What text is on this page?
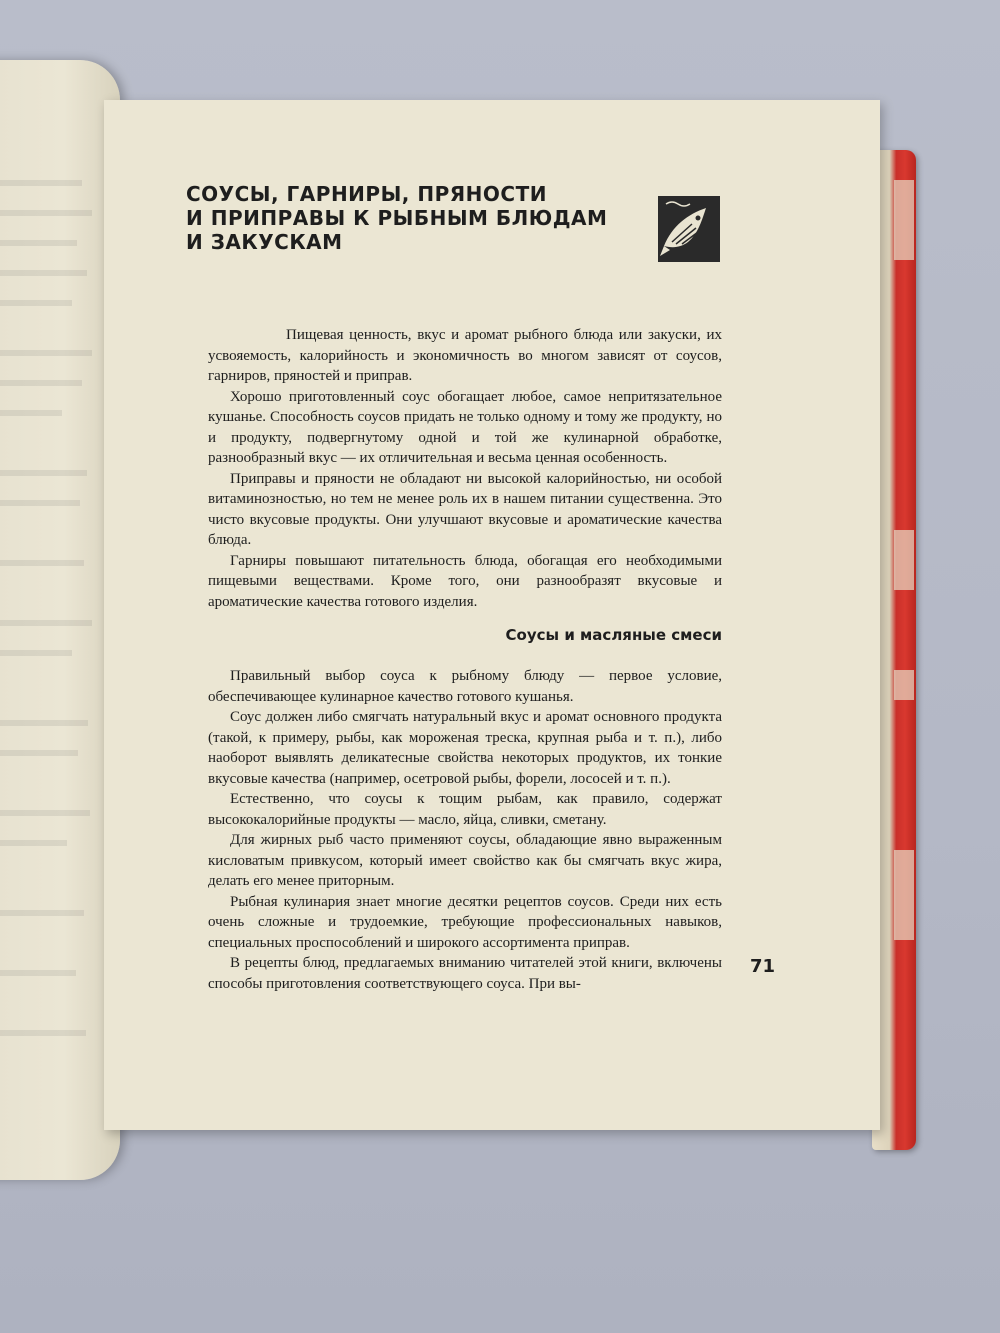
СОУСЫ, ГАРНИРЫ, ПРЯНОСТИ
И ПРИПРАВЫ К РЫБНЫМ БЛЮДАМ
И ЗАКУСКАМ

Пищевая ценность, вкус и аромат рыбного блюда или закуски, их усвояемость, калорийность и экономичность во многом зависят от соусов, гарниров, пряностей и приправ.

Хорошо приготовленный соус обогащает любое, самое непритязательное кушанье. Способность соусов придать не только одному и тому же продукту, но и продукту, подвергнутому одной и той же кулинарной обработке, разнообразный вкус — их отличительная и весьма ценная особенность.

Приправы и пряности не обладают ни высокой калорийностью, ни особой витаминозностью, но тем не менее роль их в нашем питании существенна. Это чисто вкусовые продукты. Они улучшают вкусовые и ароматические качества блюда.

Гарниры повышают питательность блюда, обогащая его необходимыми пищевыми веществами. Кроме того, они разнообразят вкусовые и ароматические качества готового изделия.

Соусы и масляные смеси

Правильный выбор соуса к рыбному блюду — первое условие, обеспечивающее кулинарное качество готового кушанья.

Соус должен либо смягчать натуральный вкус и аромат основного продукта (такой, к примеру, рыбы, как мороженая треска, крупная рыба и т. п.), либо наоборот выявлять деликатесные свойства некоторых продуктов, их тонкие вкусовые качества (например, осетровой рыбы, форели, лососей и т. п.).

Естественно, что соусы к тощим рыбам, как правило, содержат высококалорийные продукты — масло, яйца, сливки, сметану.

Для жирных рыб часто применяют соусы, обладающие явно выраженным кисловатым привкусом, который имеет свойство как бы смягчать вкус жира, делать его менее приторным.

Рыбная кулинария знает многие десятки рецептов соусов. Среди них есть очень сложные и трудоемкие, требующие профессиональных навыков, специальных проспособлений и широкого ассортимента приправ.

В рецепты блюд, предлагаемых вниманию читателей этой книги, включены способы приготовления соответствующего соуса. При вы-

71
